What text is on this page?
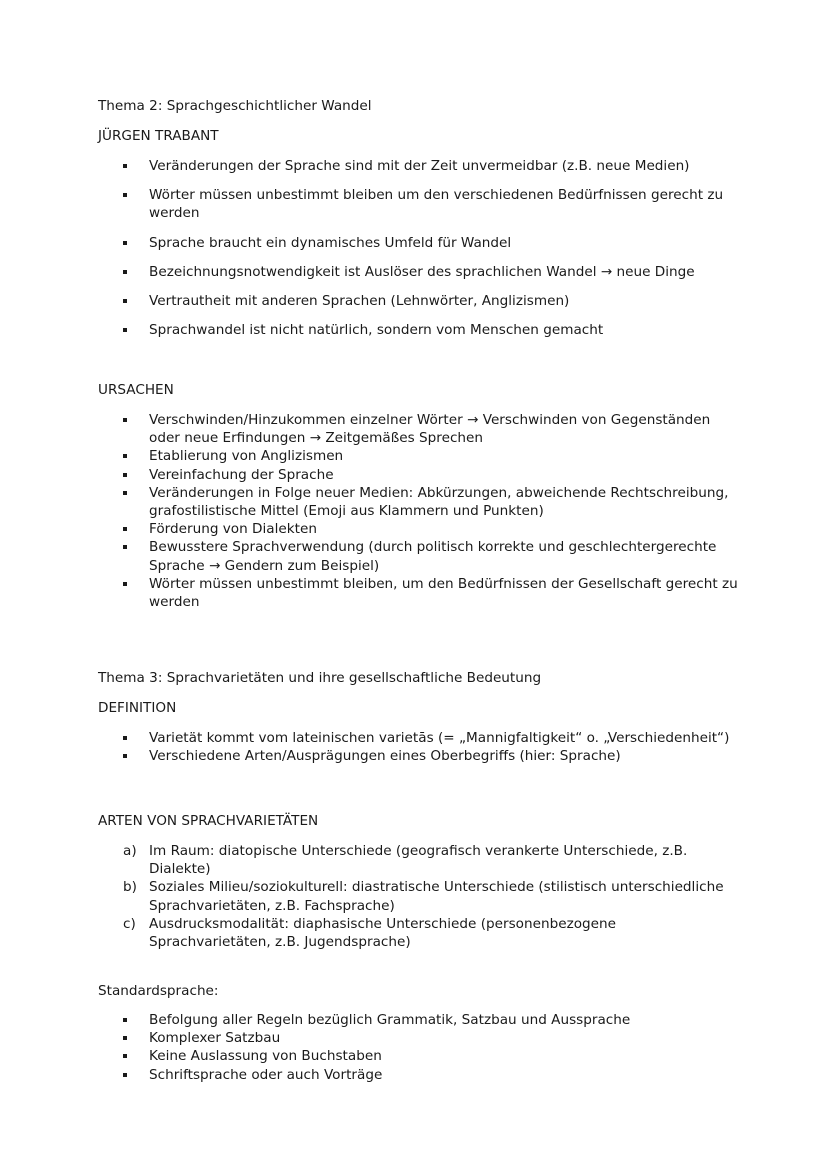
Thema 2: Sprachgeschichtlicher Wandel

JÜRGEN TRABANT

Veränderungen der Sprache sind mit der Zeit unvermeidbar (z.B. neue Medien)
Wörter müssen unbestimmt bleiben um den verschiedenen Bedürfnissen gerecht zu werden
Sprache braucht ein dynamisches Umfeld für Wandel
Bezeichnungsnotwendigkeit ist Auslöser des sprachlichen Wandel → neue Dinge
Vertrautheit mit anderen Sprachen (Lehnwörter, Anglizismen)
Sprachwandel ist nicht natürlich, sondern vom Menschen gemacht

URSACHEN

Verschwinden/Hinzukommen einzelner Wörter → Verschwinden von Gegenständen oder neue Erfindungen → Zeitgemäßes Sprechen
Etablierung von Anglizismen
Vereinfachung der Sprache
Veränderungen in Folge neuer Medien: Abkürzungen, abweichende Rechtschreibung, grafostilistische Mittel (Emoji aus Klammern und Punkten)
Förderung von Dialekten
Bewusstere Sprachverwendung (durch politisch korrekte und geschlechtergerechte Sprache → Gendern zum Beispiel)
Wörter müssen unbestimmt bleiben, um den Bedürfnissen der Gesellschaft gerecht zu werden

Thema 3: Sprachvarietäten und ihre gesellschaftliche Bedeutung

DEFINITION

Varietät kommt vom lateinischen varietās (= „Mannigfaltigkeit“ o. „Verschiedenheit“)
Verschiedene Arten/Ausprägungen eines Oberbegriffs (hier: Sprache)

ARTEN VON SPRACHVARIETÄTEN

a) Im Raum: diatopische Unterschiede (geografisch verankerte Unterschiede, z.B. Dialekte)
b) Soziales Milieu/soziokulturell: diastratische Unterschiede (stilistisch unterschiedliche Sprachvarietäten, z.B. Fachsprache)
c) Ausdrucksmodalität: diaphasische Unterschiede (personenbezogene Sprachvarietäten, z.B. Jugendsprache)

Standardsprache:

Befolgung aller Regeln bezüglich Grammatik, Satzbau und Aussprache
Komplexer Satzbau
Keine Auslassung von Buchstaben
Schriftsprache oder auch Vorträge
